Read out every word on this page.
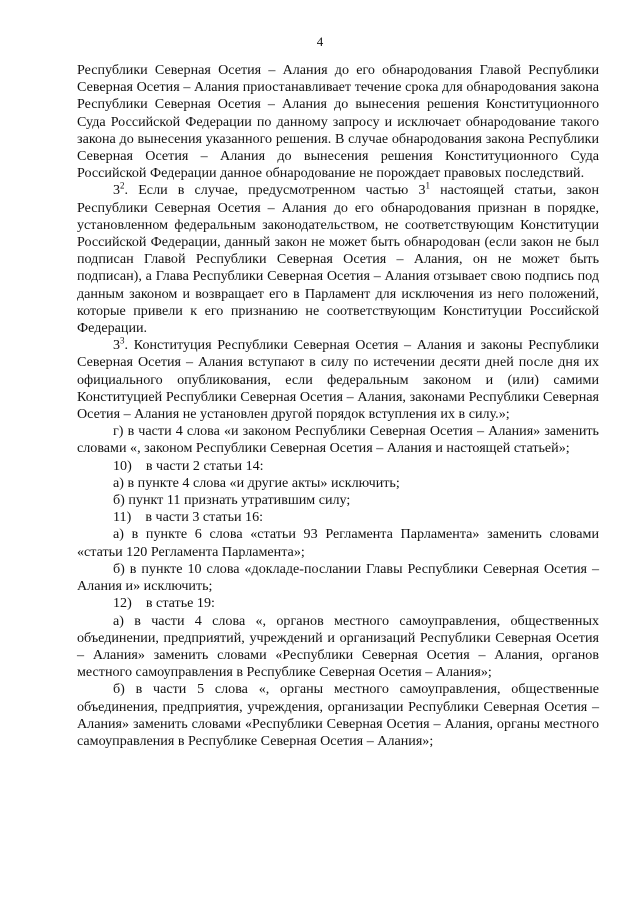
4

Республики Северная Осетия – Алания до его обнародования Главой Республики Северная Осетия – Алания приостанавливает течение срока для обнародования закона Республики Северная Осетия – Алания до вынесения решения Конституционного Суда Российской Федерации по данному запросу и исключает обнародование такого закона до вынесения указанного решения. В случае обнародования закона Республики Северная Осетия – Алания до вынесения решения Конституционного Суда Российской Федерации данное обнародование не порождает правовых последствий.

$3^2$. Если в случае, предусмотренном частью $3^1$ настоящей статьи, закон Республики Северная Осетия – Алания до его обнародования признан в порядке, установленном федеральным законодательством, не соответствующим Конституции Российской Федерации, данный закон не может быть обнародован (если закон не был подписан Главой Республики Северная Осетия – Алания, он не может быть подписан), а Глава Республики Северная Осетия – Алания отзывает свою подпись под данным законом и возвращает его в Парламент для исключения из него положений, которые привели к его признанию не соответствующим Конституции Российской Федерации.

$3^3$. Конституция Республики Северная Осетия – Алания и законы Республики Северная Осетия – Алания вступают в силу по истечении десяти дней после дня их официального опубликования, если федеральным законом и (или) самими Конституцией Республики Северная Осетия – Алания, законами Республики Северная Осетия – Алания не установлен другой порядок вступления их в силу.»;

г) в части 4 слова «и законом Республики Северная Осетия – Алания» заменить словами «, законом Республики Северная Осетия – Алания и настоящей статьей»;

10)    в части 2 статьи 14:

а) в пункте 4 слова «и другие акты» исключить;

б) пункт 11 признать утратившим силу;

11)    в части 3 статьи 16:

а) в пункте 6 слова «статьи 93 Регламента Парламента» заменить словами «статьи 120 Регламента Парламента»;

б) в пункте 10 слова «докладе-послании Главы Республики Северная Осетия – Алания и» исключить;

12)    в статье 19:

а) в части 4 слова «, органов местного самоуправления, общественных объединении, предприятий, учреждений и организаций Республики Северная Осетия – Алания» заменить словами «Республики Северная Осетия – Алания, органов местного самоуправления в Республике Северная Осетия – Алания»;

б) в части 5 слова «, органы местного самоуправления, общественные объединения, предприятия, учреждения, организации Республики Северная Осетия – Алания» заменить словами «Республики Северная Осетия – Алания, органы местного самоуправления в Республике Северная Осетия – Алания»;
